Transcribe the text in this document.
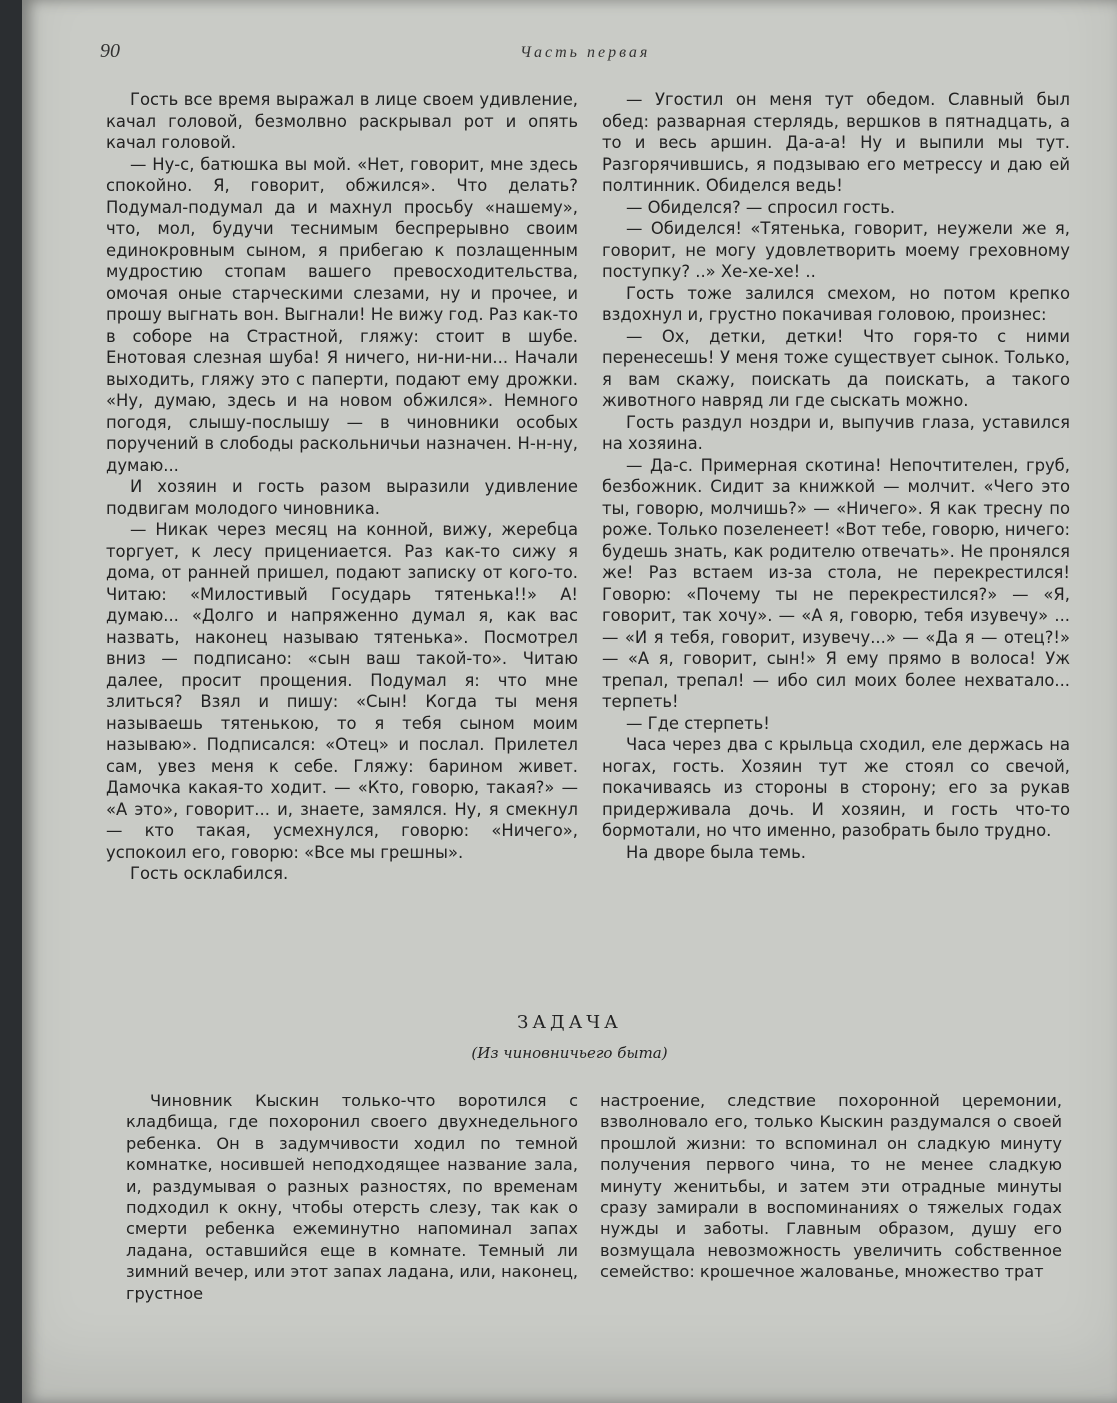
90	Часть первая

Гость все время выражал в лице своем удивление, качал головой, безмолвно раскрывал рот и опять качал головой.

— Ну-с, батюшка вы мой. «Нет, говорит, мне здесь спокойно. Я, говорит, обжился». Что делать? Подумал-подумал да и махнул просьбу «нашему», что, мол, будучи теснимым беспрерывно своим единокровным сыном, я прибегаю к позлащенным мудростию стопам вашего превосходительства, омочая оные старческими слезами, ну и прочее, и прошу выгнать вон. Выгнали! Не вижу год. Раз как-то в соборе на Страстной, гляжу: стоит в шубе. Енотовая слезная шуба! Я ничего, ни-ни-ни... Начали выходить, гляжу это с паперти, подают ему дрожки. «Ну, думаю, здесь и на новом обжился». Немного погодя, слышу-послышу — в чиновники особых поручений в слободы раскольничьи назначен. Н-н-ну, думаю...

И хозяин и гость разом выразили удивление подвигам молодого чиновника.

— Никак через месяц на конной, вижу, жеребца торгует, к лесу прицениается. Раз как-то сижу я дома, от ранней пришел, подают записку от кого-то. Читаю: «Милостивый Государь тятенька!!» А! думаю... «Долго и напряженно думал я, как вас назвать, наконец называю тятенька». Посмотрел вниз — подписано: «сын ваш такой-то». Читаю далее, просит прощения. Подумал я: что мне злиться? Взял и пишу: «Сын! Когда ты меня называешь тятенькою, то я тебя сыном моим называю». Подписался: «Отец» и послал. Прилетел сам, увез меня к себе. Гляжу: барином живет. Дамочка какая-то ходит. — «Кто, говорю, такая?» — «А это», говорит... и, знаете, замялся. Ну, я смекнул — кто такая, усмехнулся, говорю: «Ничего», успокоил его, говорю: «Все мы грешны».

Гость осклабился.

— Угостил он меня тут обедом. Славный был обед: разварная стерлядь, вершков в пятнадцать, а то и весь аршин. Да-а-а! Ну и выпили мы тут. Разгорячившись, я подзываю его метрессу и даю ей полтинник. Обиделся ведь!

— Обиделся? — спросил гость.

— Обиделся! «Тятенька, говорит, неужели же я, говорит, не могу удовлетворить моему греховному поступку? ..» Хе-хе-хе! ..

Гость тоже залился смехом, но потом крепко вздохнул и, грустно покачивая головою, произнес:

— Ох, детки, детки! Что горя-то с ними перенесешь! У меня тоже существует сынок. Только, я вам скажу, поискать да поискать, а такого животного навряд ли где сыскать можно.

Гость раздул ноздри и, выпучив глаза, уставился на хозяина.

— Да-с. Примерная скотина! Непочтителен, груб, безбожник. Сидит за книжкой — молчит. «Чего это ты, говорю, молчишь?» — «Ничего». Я как тресну по роже. Только позеленеет! «Вот тебе, говорю, ничего: будешь знать, как родителю отвечать». Не пронялся же! Раз встаем из-за стола, не перекрестился! Говорю: «Почему ты не перекрестился?» — «Я, говорит, так хочу». — «А я, говорю, тебя изувечу» ... — «И я тебя, говорит, изувечу...» — «Да я — отец?!» — «А я, говорит, сын!» Я ему прямо в волоса! Уж трепал, трепал! — ибо сил моих более нехватало... терпеть!

— Где стерпеть!

Часа через два с крыльца сходил, еле держась на ногах, гость. Хозяин тут же стоял со свечой, покачиваясь из стороны в сторону; его за рукав придерживала дочь. И хозяин, и гость что-то бормотали, но что именно, разобрать было трудно.

На дворе была темь.

ЗАДАЧА
(Из чиновничьего быта)

Чиновник Кыскин только-что воротился с кладбища, где похоронил своего двухнедельного ребенка. Он в задумчивости ходил по темной комнатке, носившей неподходящее название зала, и, раздумывая о разных разностях, по временам подходил к окну, чтобы отерсть слезу, так как о смерти ребенка ежеминутно напоминал запах ладана, оставшийся еще в комнате. Темный ли зимний вечер, или этот запах ладана, или, наконец, грустное

настроение, следствие похоронной церемонии, взволновало его, только Кыскин раздумался о своей прошлой жизни: то вспоминал он сладкую минуту получения первого чина, то не менее сладкую минуту женитьбы, и затем эти отрадные минуты сразу замирали в воспоминаниях о тяжелых годах нужды и заботы. Главным образом, душу его возмущала невозможность увеличить собственное семейство: крошечное жалованье, множество трат
